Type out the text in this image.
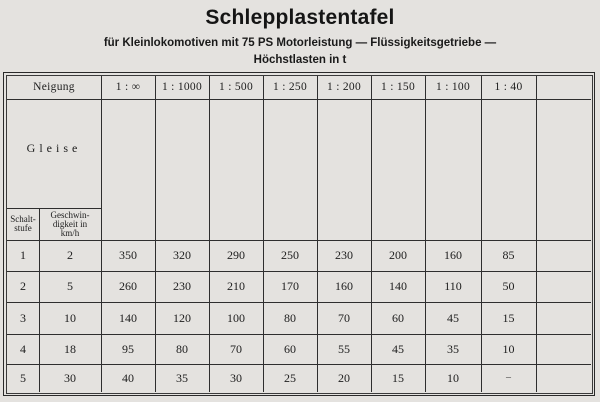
Schlepplastentafel
für Kleinlokomotiven mit 75 PS Motorleistung — Flüssigkeitsgetriebe —
Höchstlasten in t
Neigung	1 : ∞	1 : 1000	1 : 500	1 : 250	1 : 200	1 : 150	1 : 100	1 : 40
Gleise
Schalt-
stufe
Geschwin-
digkeit in
km/h
1	2	350	320	290	250	230	200	160	85
2	5	260	230	210	170	160	140	110	50
3	10	140	120	100	80	70	60	45	15
4	18	95	80	70	60	55	45	35	10
5	30	40	35	30	25	20	15	10	–
